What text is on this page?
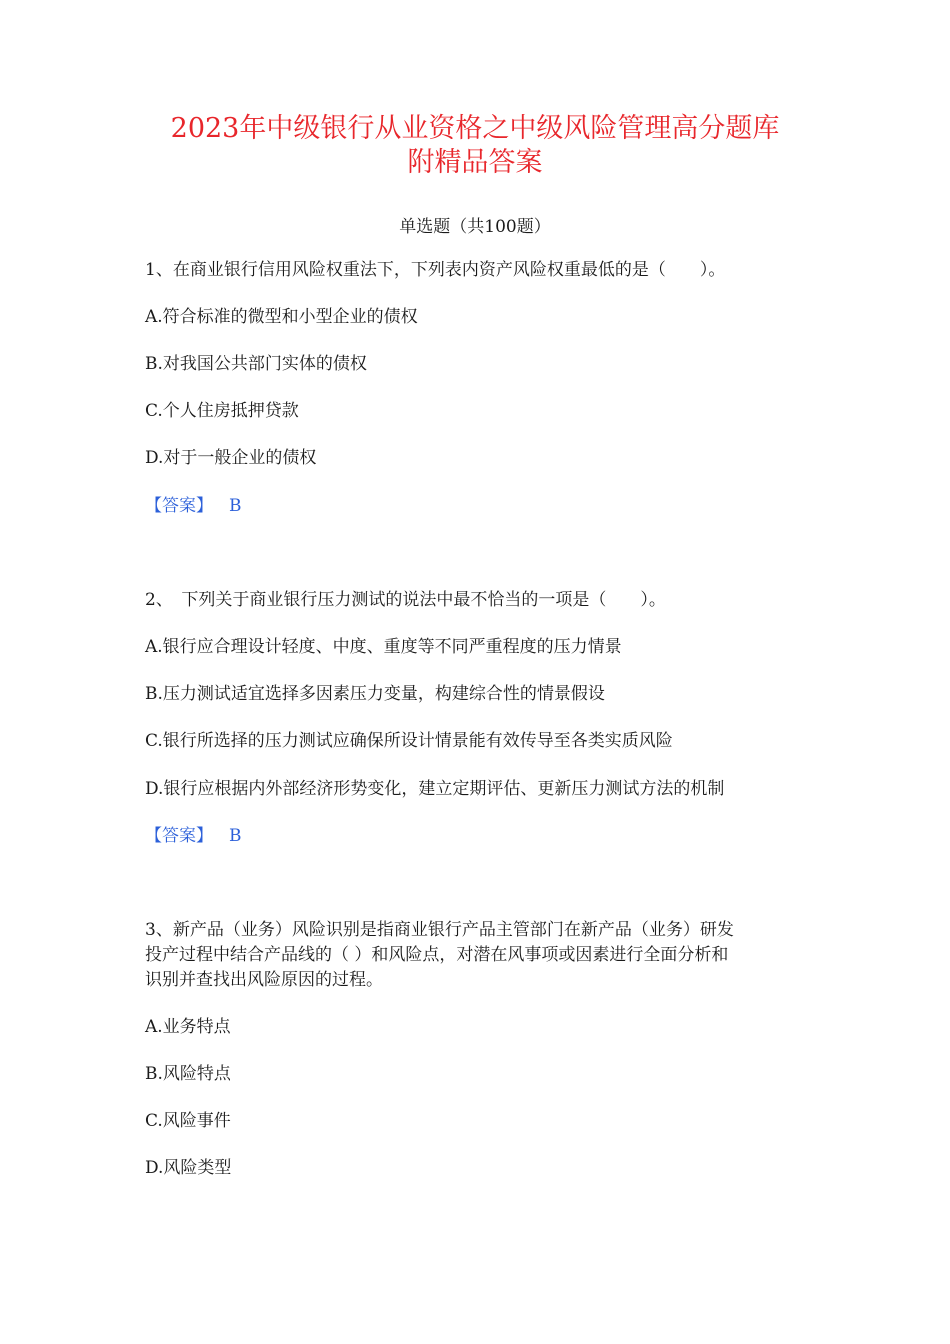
2023年中级银行从业资格之中级风险管理高分题库
附精品答案
单选题（共100题）
1、在商业银行信用风险权重法下，下列表内资产风险权重最低的是（　　）。
A.符合标准的微型和小型企业的债权
B.对我国公共部门实体的债权
C.个人住房抵押贷款
D.对于一般企业的债权
【答案】 B
2、　下列关于商业银行压力测试的说法中最不恰当的一项是（　　）。
A.银行应合理设计轻度、中度、重度等不同严重程度的压力情景
B.压力测试适宜选择多因素压力变量，构建综合性的情景假设
C.银行所选择的压力测试应确保所设计情景能有效传导至各类实质风险
D.银行应根据内外部经济形势变化，建立定期评估、更新压力测试方法的机制
【答案】 B
3、新产品（业务）风险识别是指商业银行产品主管部门在新产品（业务）研发
投产过程中结合产品线的（ ）和风险点，对潜在风事项或因素进行全面分析和
识别并查找出风险原因的过程。
A.业务特点
B.风险特点
C.风险事件
D.风险类型
